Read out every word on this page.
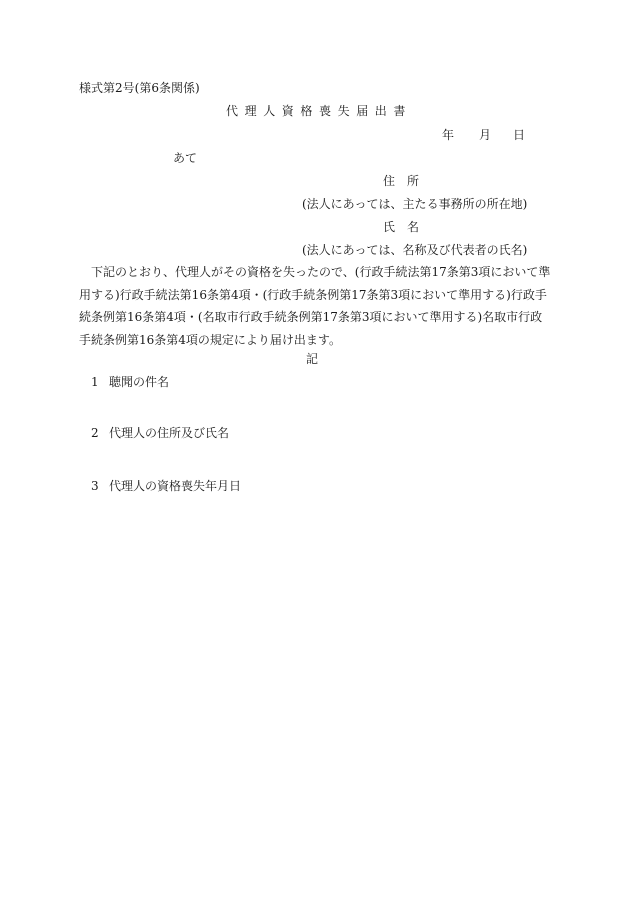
様式第2号(第6条関係)
代理人資格喪失届出書
年 月 日
あて
住　所
(法人にあっては、主たる事務所の所在地)
氏　名
(法人にあっては、名称及び代表者の氏名)
下記のとおり、代理人がその資格を失ったので、(行政手続法第17条第3項において準用する)行政手続法第16条第4項・(行政手続条例第17条第3項において準用する)行政手続条例第16条第4項・(名取市行政手続条例第17条第3項において準用する)名取市行政手続条例第16条第4項の規定により届け出ます。
記
1 聴聞の件名
2 代理人の住所及び氏名
3 代理人の資格喪失年月日
